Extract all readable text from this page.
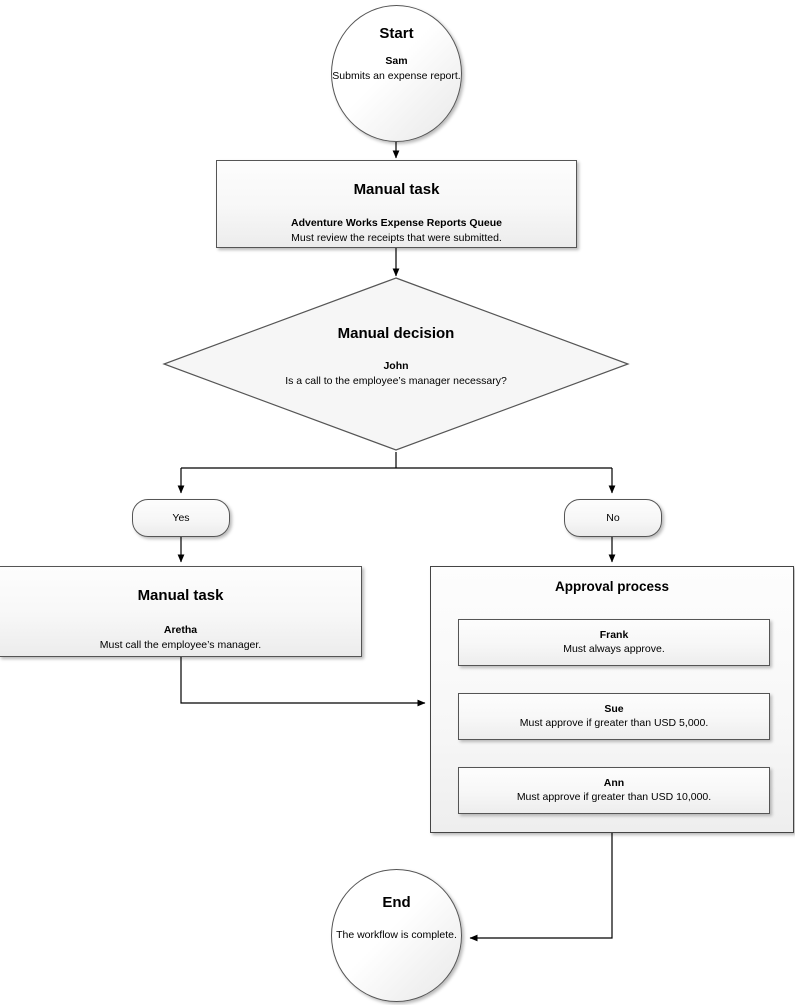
Start
Sam
Submits an expense report.
Manual task
Adventure Works Expense Reports Queue
Must review the receipts that were submitted.
Manual decision
John
Is a call to the employee’s manager necessary?
Yes	No
Manual task
Aretha
Must call the employee’s manager.
Approval process
Frank
Must always approve.
Sue
Must approve if greater than USD 5,000.
Ann
Must approve if greater than USD 10,000.
End
The workflow is complete.
